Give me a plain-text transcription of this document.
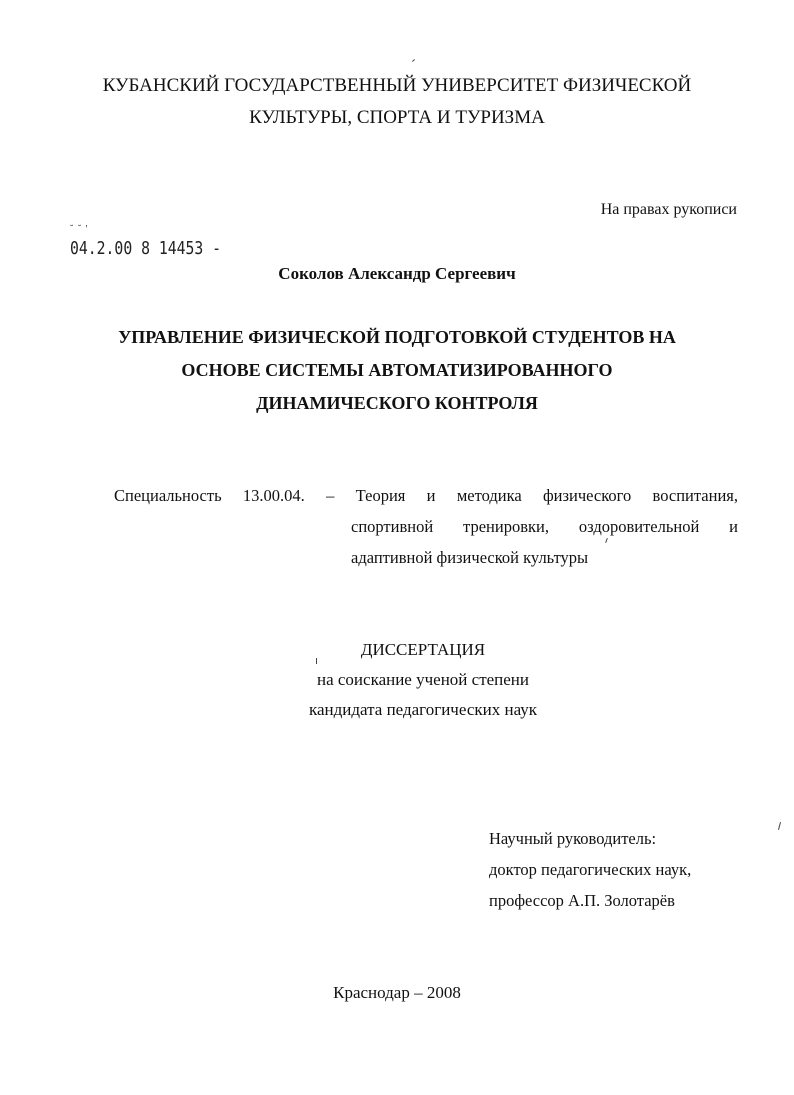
КУБАНСКИЙ ГОСУДАРСТВЕННЫЙ УНИВЕРСИТЕТ ФИЗИЧЕСКОЙ
КУЛЬТУРЫ, СПОРТА И ТУРИЗМА
На правах рукописи
˘ ˘ '
04.2.00 8 14453 -
Соколов Александр Сергеевич
УПРАВЛЕНИЕ ФИЗИЧЕСКОЙ ПОДГОТОВКОЙ СТУДЕНТОВ НА
ОСНОВЕ СИСТЕМЫ АВТОМАТИЗИРОВАННОГО
ДИНАМИЧЕСКОГО КОНТРОЛЯ
Специальность 13.00.04. – Теория и методика физического воспитания,
спортивной тренировки, оздоровительной и
адаптивной физической культуры
ДИССЕРТАЦИЯ
на соискание ученой степени
кандидата педагогических наук
Научный руководитель:
доктор педагогических наук,
профессор А.П. Золотарёв
Краснодар – 2008
